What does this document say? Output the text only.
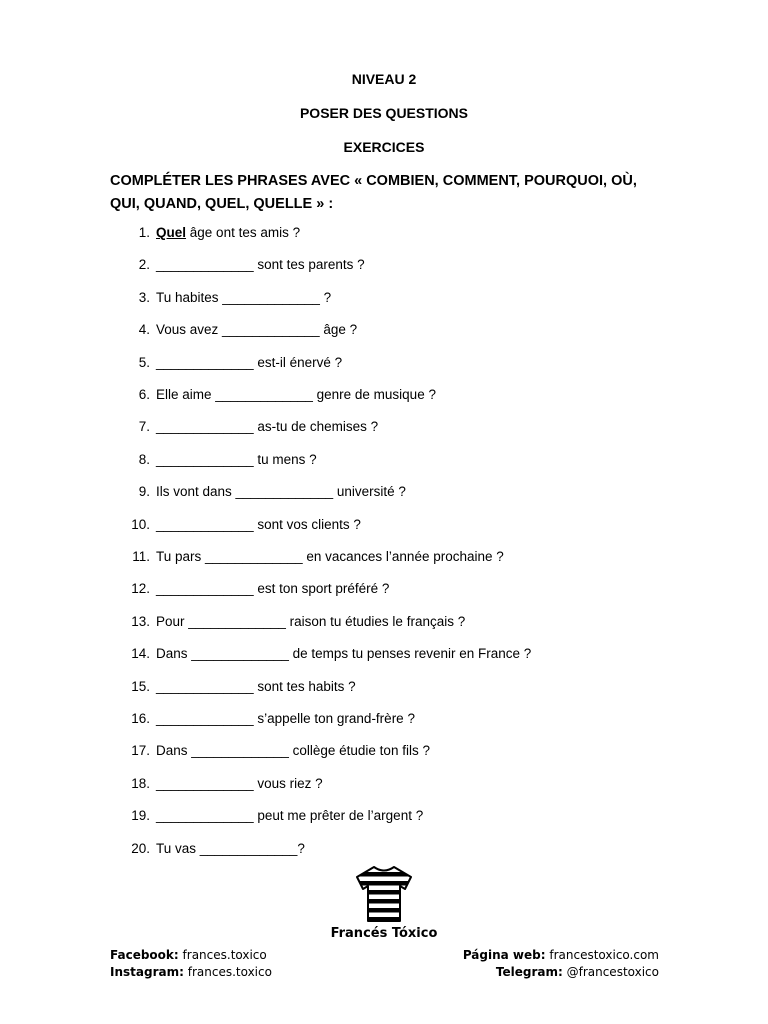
NIVEAU 2
POSER DES QUESTIONS
EXERCICES
COMPLÉTER LES PHRASES AVEC « COMBIEN, COMMENT, POURQUOI, OÙ, QUI, QUAND, QUEL, QUELLE » :
1. Quel âge ont tes amis ?
2. _____________ sont tes parents ?
3. Tu habites _____________ ?
4. Vous avez _____________ âge ?
5. _____________ est-il énervé ?
6. Elle aime _____________ genre de musique ?
7. _____________ as-tu de chemises ?
8. _____________ tu mens ?
9. Ils vont dans _____________ université ?
10. _____________ sont vos clients ?
11. Tu pars _____________ en vacances l’année prochaine ?
12. _____________ est ton sport préféré ?
13. Pour _____________ raison tu étudies le français ?
14. Dans _____________ de temps tu penses revenir en France ?
15. _____________ sont tes habits ?
16. _____________ s’appelle ton grand-frère ?
17. Dans _____________ collège étudie ton fils ?
18. _____________ vous riez ?
19. _____________ peut me prêter de l’argent ?
20. Tu vas _____________?
Francés Tóxico
Facebook: frances.toxico
Instagram: frances.toxico
Página web: francestoxico.com
Telegram: @francestoxico
